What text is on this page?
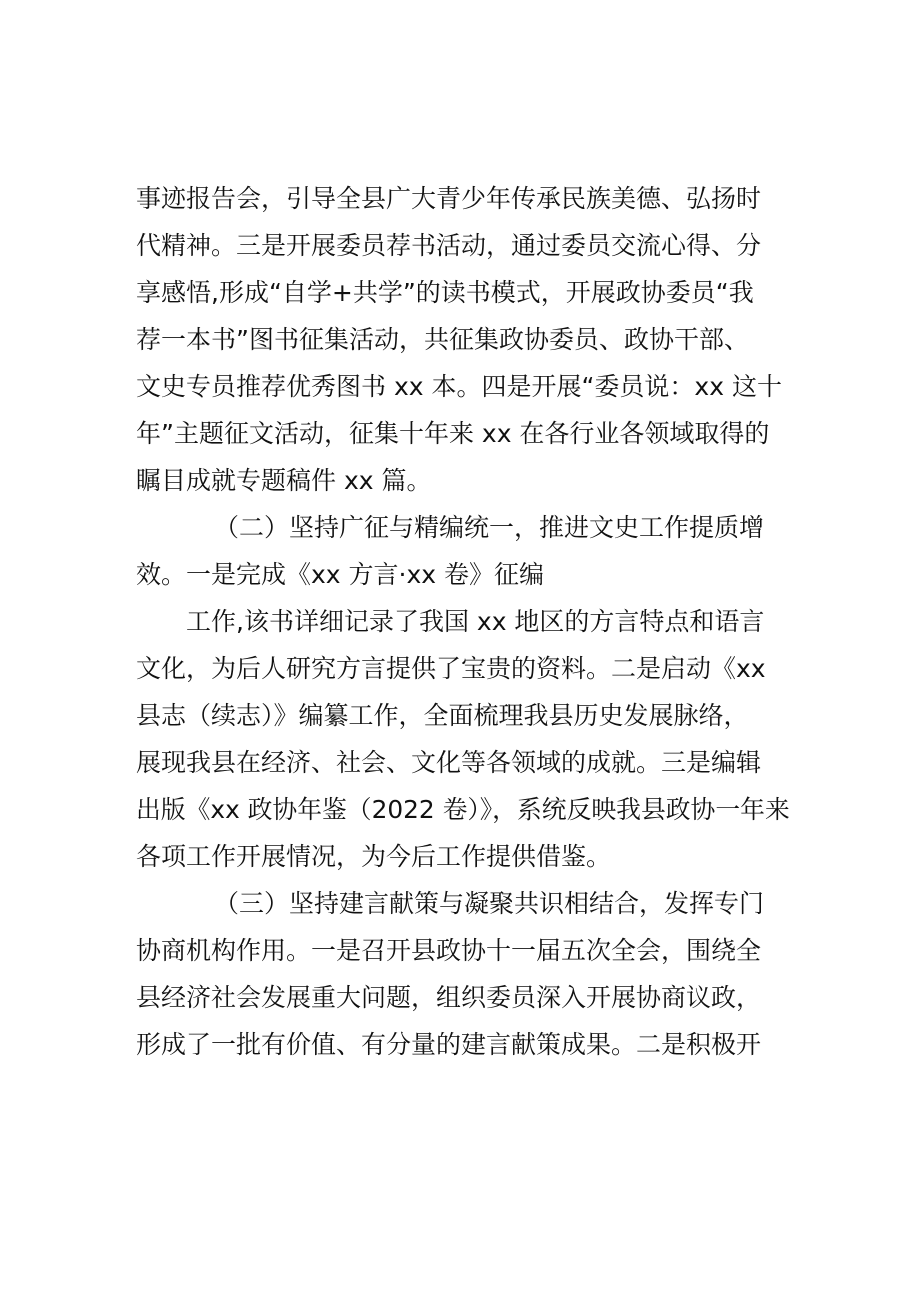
事迹报告会，引导全县广大青少年传承民族美德、弘扬时

代精神。三是开展委员荐书活动，通过委员交流心得、分

享感悟,形成“自学+共学”的读书模式，开展政协委员“我

荐一本书”图书征集活动，共征集政协委员、政协干部、

文史专员推荐优秀图书 xx 本。四是开展“委员说：xx 这十

年”主题征文活动，征集十年来 xx 在各行业各领域取得的

瞩目成就专题稿件 xx 篇。

（二）坚持广征与精编统一，推进文史工作提质增

效。一是完成《xx 方言·xx 卷》征编

工作,该书详细记录了我国 xx 地区的方言特点和语言

文化，为后人研究方言提供了宝贵的资料。二是启动《xx

县志（续志）》编纂工作，全面梳理我县历史发展脉络，

展现我县在经济、社会、文化等各领域的成就。三是编辑

出版《xx 政协年鉴（2022 卷）》，系统反映我县政协一年来

各项工作开展情况，为今后工作提供借鉴。

（三）坚持建言献策与凝聚共识相结合，发挥专门

协商机构作用。一是召开县政协十一届五次全会，围绕全

县经济社会发展重大问题，组织委员深入开展协商议政，

形成了一批有价值、有分量的建言献策成果。二是积极开
